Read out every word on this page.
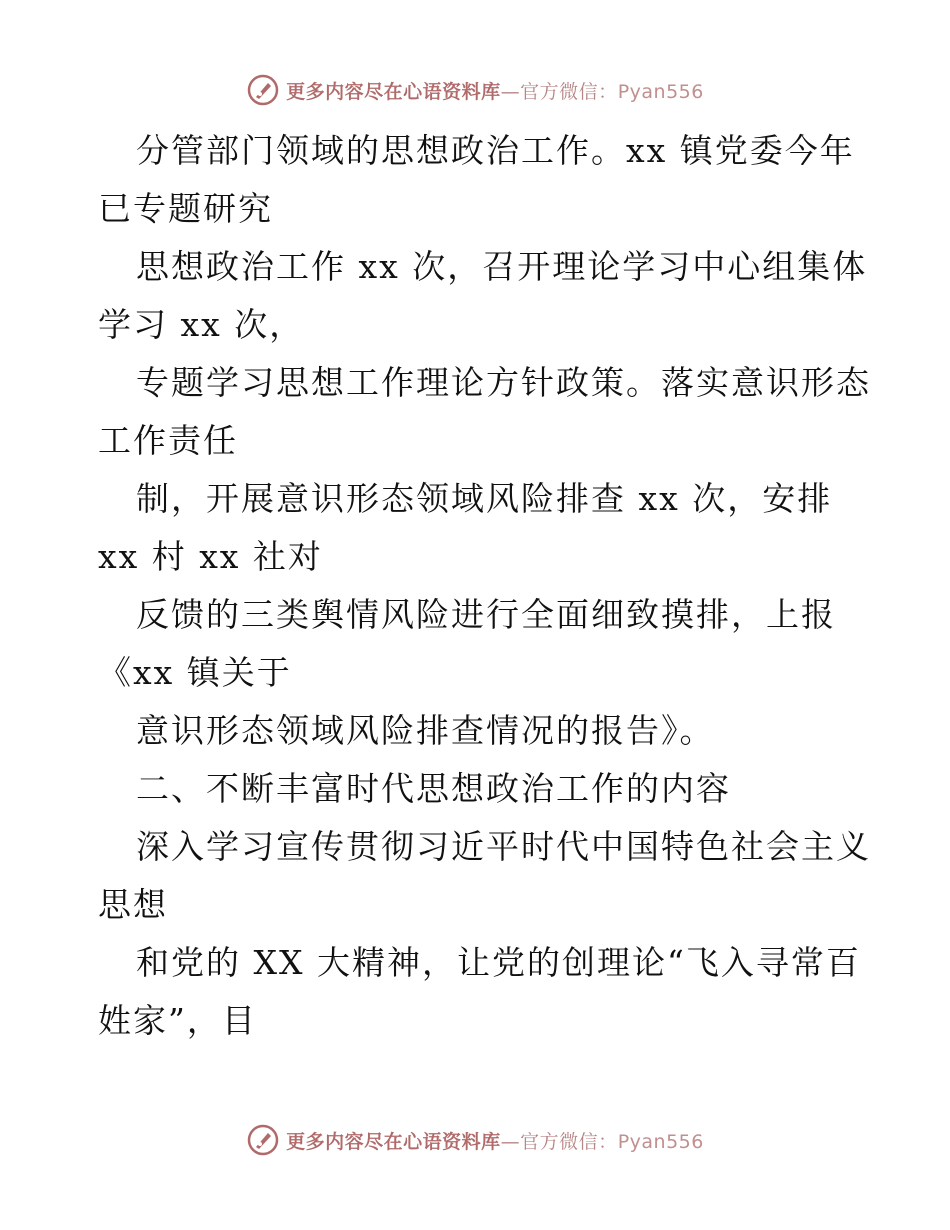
更多内容尽在心语资料库—官方微信：Pyan556
分管部门领域的思想政治工作。xx 镇党委今年
已专题研究
思想政治工作 xx 次，召开理论学习中心组集体
学习 xx 次，
专题学习思想工作理论方针政策。落实意识形态
工作责任
制，开展意识形态领域风险排查 xx 次，安排
xx 村 xx 社对
反馈的三类舆情风险进行全面细致摸排，上报
《xx 镇关于
意识形态领域风险排查情况的报告》。
二、不断丰富时代思想政治工作的内容
深入学习宣传贯彻习近平时代中国特色社会主义
思想
和党的 XX 大精神，让党的创理论“飞入寻常百
姓家”，目
更多内容尽在心语资料库—官方微信：Pyan556
